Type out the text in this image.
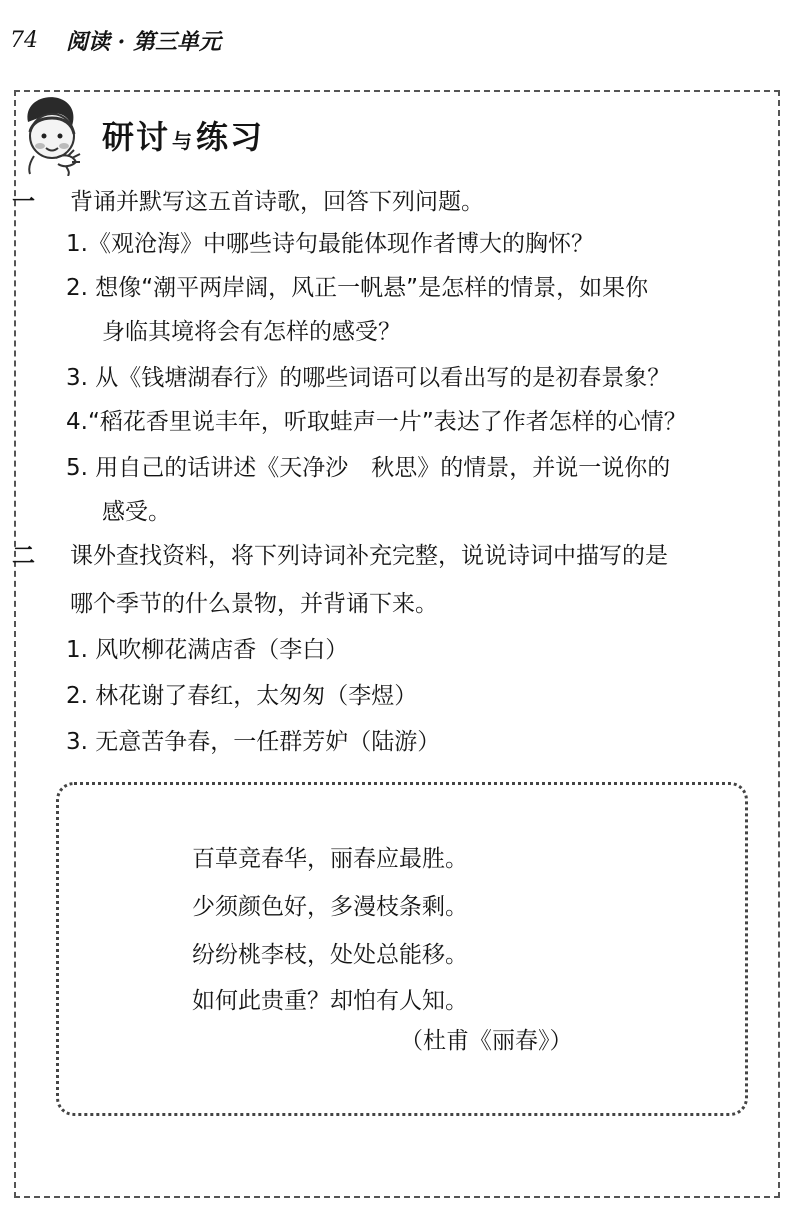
74 阅读 · 第三单元
研讨 与练习
一 背诵并默写这五首诗歌，回答下列问题。
1.《观沧海》中哪些诗句最能体现作者博大的胸怀？
2. 想像“潮平两岸阔，风正一帆悬”是怎样的情景，如果你
身临其境将会有怎样的感受？
3. 从《钱塘湖春行》的哪些词语可以看出写的是初春景象？
4.“稻花香里说丰年，听取蛙声一片”表达了作者怎样的心情？
5. 用自己的话讲述《天净沙　秋思》的情景，并说一说你的
感受。
二 课外查找资料，将下列诗词补充完整，说说诗词中描写的是
哪个季节的什么景物，并背诵下来。
1. 风吹柳花满店香（李白）
2. 林花谢了春红，太匆匆（李煜）
3. 无意苦争春，一任群芳妒（陆游）
百草竞春华，丽春应最胜。
少须颜色好，多漫枝条剩。
纷纷桃李枝，处处总能移。
如何此贵重？却怕有人知。
（杜甫《丽春》）
